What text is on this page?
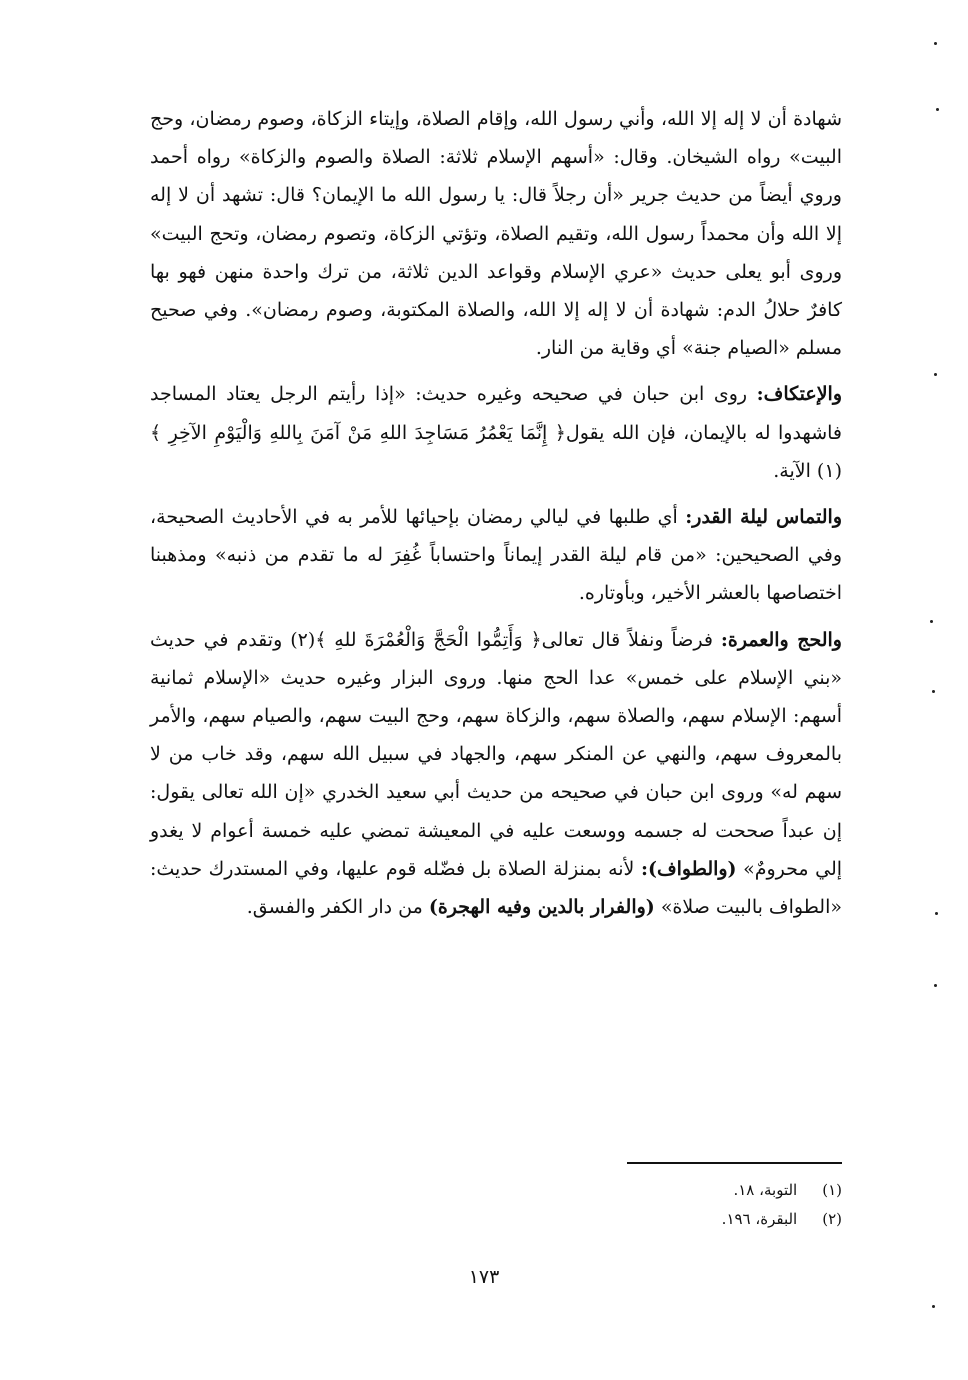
شهادة أن لا إله إلا الله، وأني رسول الله، وإقام الصلاة، وإيتاء الزكاة، وصوم رمضان، وحج البيت» رواه الشيخان. وقال: «أسهم الإسلام ثلاثة: الصلاة والصوم والزكاة» رواه أحمد وروي أيضاً من حديث جرير «أن رجلاً قال: يا رسول الله ما الإيمان؟ قال: تشهد أن لا إله إلا الله وأن محمداً رسول الله، وتقيم الصلاة، وتؤتي الزكاة، وتصوم رمضان، وتحج البيت» وروى أبو يعلى حديث «عري الإسلام وقواعد الدين ثلاثة، من ترك واحدة منهن فهو بها كافرٌ حلالُ الدم: شهادة أن لا إله إلا الله، والصلاة المكتوبة، وصوم رمضان». وفي صحيح مسلم «الصيام جنة» أي وقاية من النار.
والإعتكاف: روى ابن حبان في صحيحه وغيره حديث: «إذا رأيتم الرجل يعتاد المساجد فاشهدوا له بالإيمان، فإن الله يقول﴿ إِنَّمَا يَعْمُرُ مَسَاجِدَ اللهِ مَنْ آمَنَ بِاللهِ وَالْيَوْمِ الآخِرِ ﴾(١) الآية.
والتماس ليلة القدر: أي طلبها في ليالي رمضان بإحيائها للأمر به في الأحاديث الصحيحة، وفي الصحيحين: «من قام ليلة القدر إيماناً واحتساباً غُفِرَ له ما تقدم من ذنبه» ومذهبنا اختصاصها بالعشر الأخير، وبأوتاره.
والحج والعمرة: فرضاً ونفلاً قال تعالى﴿ وَأَتِمُّوا الْحَجَّ وَالْعُمْرَةَ للهِ ﴾(٢) وتقدم في حديث «بني الإسلام على خمس» عدا الحج منها. وروى البزار وغيره حديث «الإسلام ثمانية أسهم: الإسلام سهم، والصلاة سهم، والزكاة سهم، وحج البيت سهم، والصيام سهم، والأمر بالمعروف سهم، والنهي عن المنكر سهم، والجهاد في سبيل الله سهم، وقد خاب من لا سهم له» وروى ابن حبان في صحيحه من حديث أبي سعيد الخدري «إن الله تعالى يقول: إن عبداً صححت له جسمه ووسعت عليه في المعيشة تمضي عليه خمسة أعوام لا يغدو إلي محرومٌ» (والطواف): لأنه بمنزلة الصلاة بل فضّله قوم عليها، وفي المستدرك حديث: «الطواف بالبيت صلاة» (والفرار بالدين وفيه الهجرة) من دار الكفر والفسق.
(١) التوبة، ١٨.
(٢) البقرة، ١٩٦.
١٧٣
